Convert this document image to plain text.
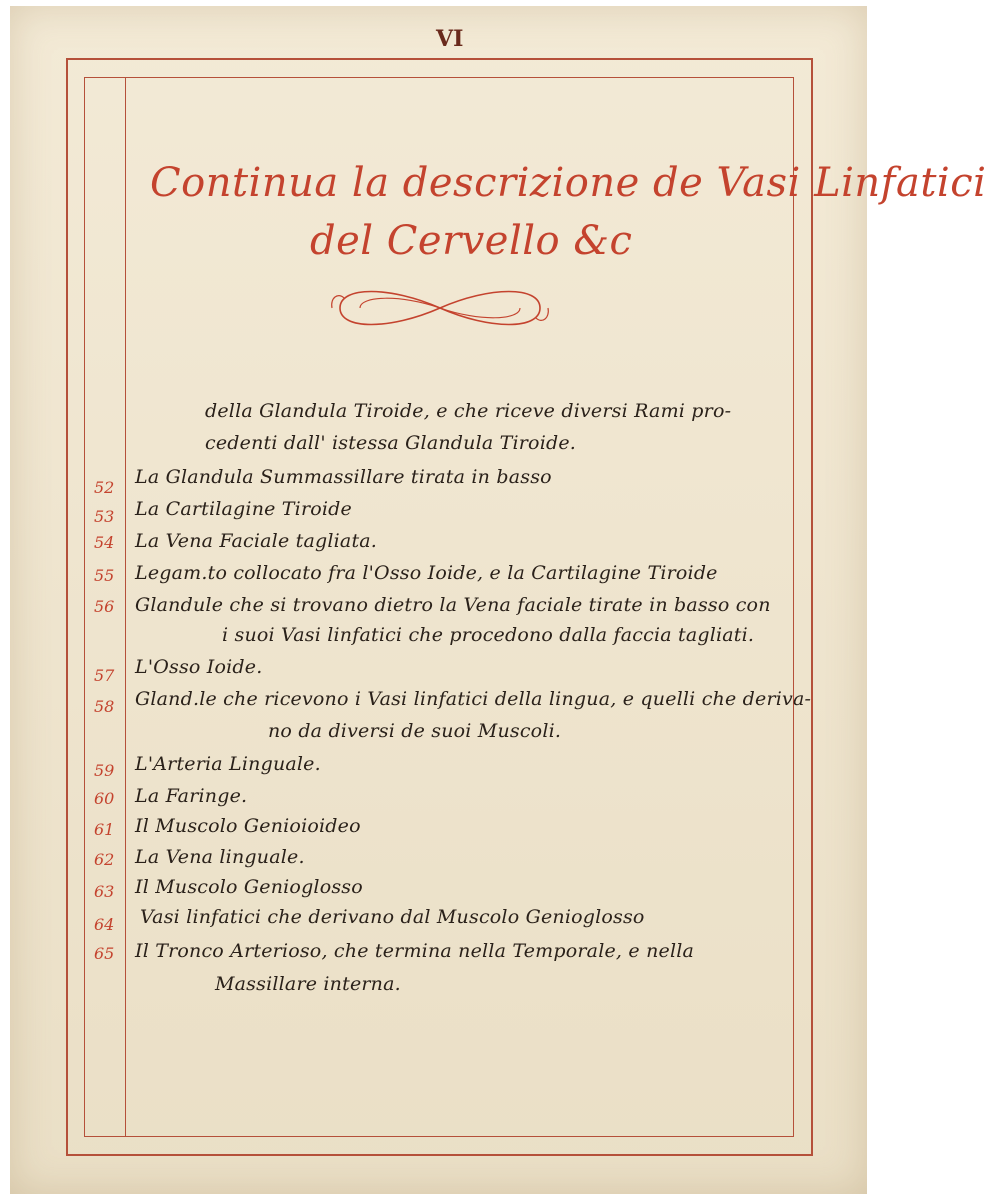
VI
Continua la descrizione de Vasi Linfatici
del Cervello &c
della Glandula Tiroide, e che riceve diversi Rami pro-
cedenti dall' istessa Glandula Tiroide.
52 La Glandula Summassillare tirata in basso
53 La Cartilagine Tiroide
54 La Vena Faciale tagliata.
55 Legam.to collocato fra l'Osso Ioide, e la Cartilagine Tiroide
56 Glandule che si trovano dietro la Vena faciale tirate in basso con
i suoi Vasi linfatici che procedono dalla faccia tagliati.
57 L'Osso Ioide.
58 Gland.le che ricevono i Vasi linfatici della lingua, e quelli che deriva-
no da diversi de suoi Muscoli.
59 L'Arteria Linguale.
60 La Faringe.
61 Il Muscolo Genioioideo
62 La Vena linguale.
63 Il Muscolo Genioglosso
64 Vasi linfatici che derivano dal Muscolo Genioglosso
65 Il Tronco Arterioso, che termina nella Temporale, e nella
Massillare interna.
